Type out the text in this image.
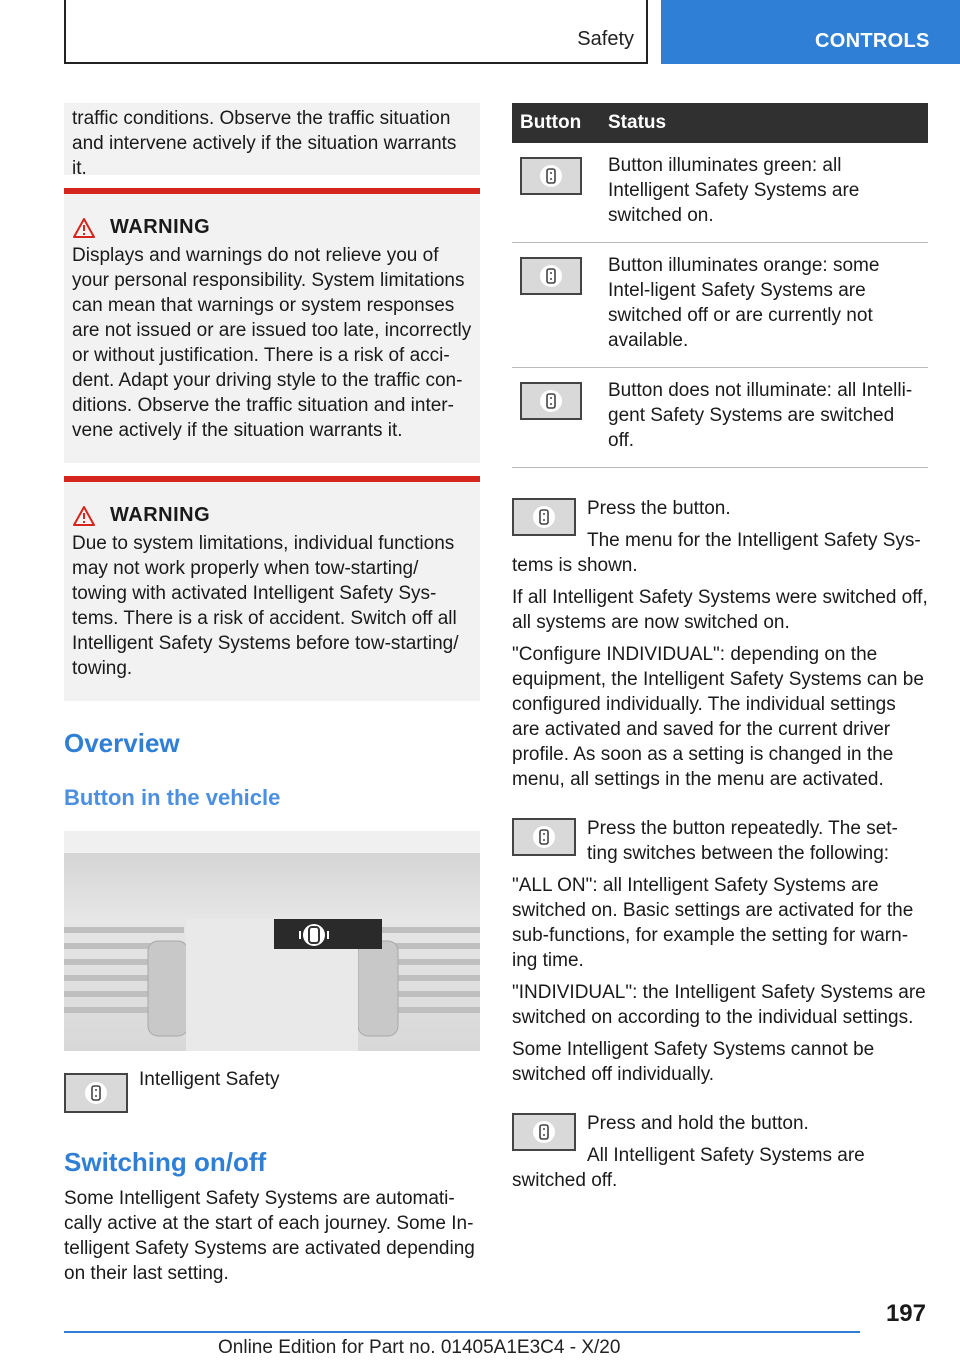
Safety	CONTROLS

traffic conditions. Observe the traffic situation and intervene actively if the situation warrants it.

WARNING

Displays and warnings do not relieve you of your personal responsibility. System limitations can mean that warnings or system responses are not issued or are issued too late, incorrectly or without justification. There is a risk of acci-dent. Adapt your driving style to the traffic con-ditions. Observe the traffic situation and inter-vene actively if the situation warrants it.

WARNING

Due to system limitations, individual functions may not work properly when tow-starting/ towing with activated Intelligent Safety Sys-tems. There is a risk of accident. Switch off all Intelligent Safety Systems before tow-starting/ towing.

Overview
Button in the vehicle

Intelligent Safety

Switching on/off

Some Intelligent Safety Systems are automati-cally active at the start of each journey. Some In-telligent Safety Systems are activated depending on their last setting.

Button	Status

	Button illuminates green: all Intelligent Safety Systems are switched on.

	Button illuminates orange: some Intel-ligent Safety Systems are switched off or are currently not available.

	Button does not illuminate: all Intelli-gent Safety Systems are switched off.

Press the button.

The menu for the Intelligent Safety Sys-tems is shown.

If all Intelligent Safety Systems were switched off, all systems are now switched on.

"Configure INDIVIDUAL": depending on the equipment, the Intelligent Safety Systems can be configured individually. The individual settings are activated and saved for the current driver profile. As soon as a setting is changed in the menu, all settings in the menu are activated.

Press the button repeatedly. The set-ting switches between the following:

"ALL ON": all Intelligent Safety Systems are switched on. Basic settings are activated for the sub-functions, for example the setting for warn-ing time.

"INDIVIDUAL": the Intelligent Safety Systems are switched on according to the individual settings.

Some Intelligent Safety Systems cannot be switched off individually.

Press and hold the button.

All Intelligent Safety Systems are switched off.

197
Online Edition for Part no. 01405A1E3C4 - X/20
